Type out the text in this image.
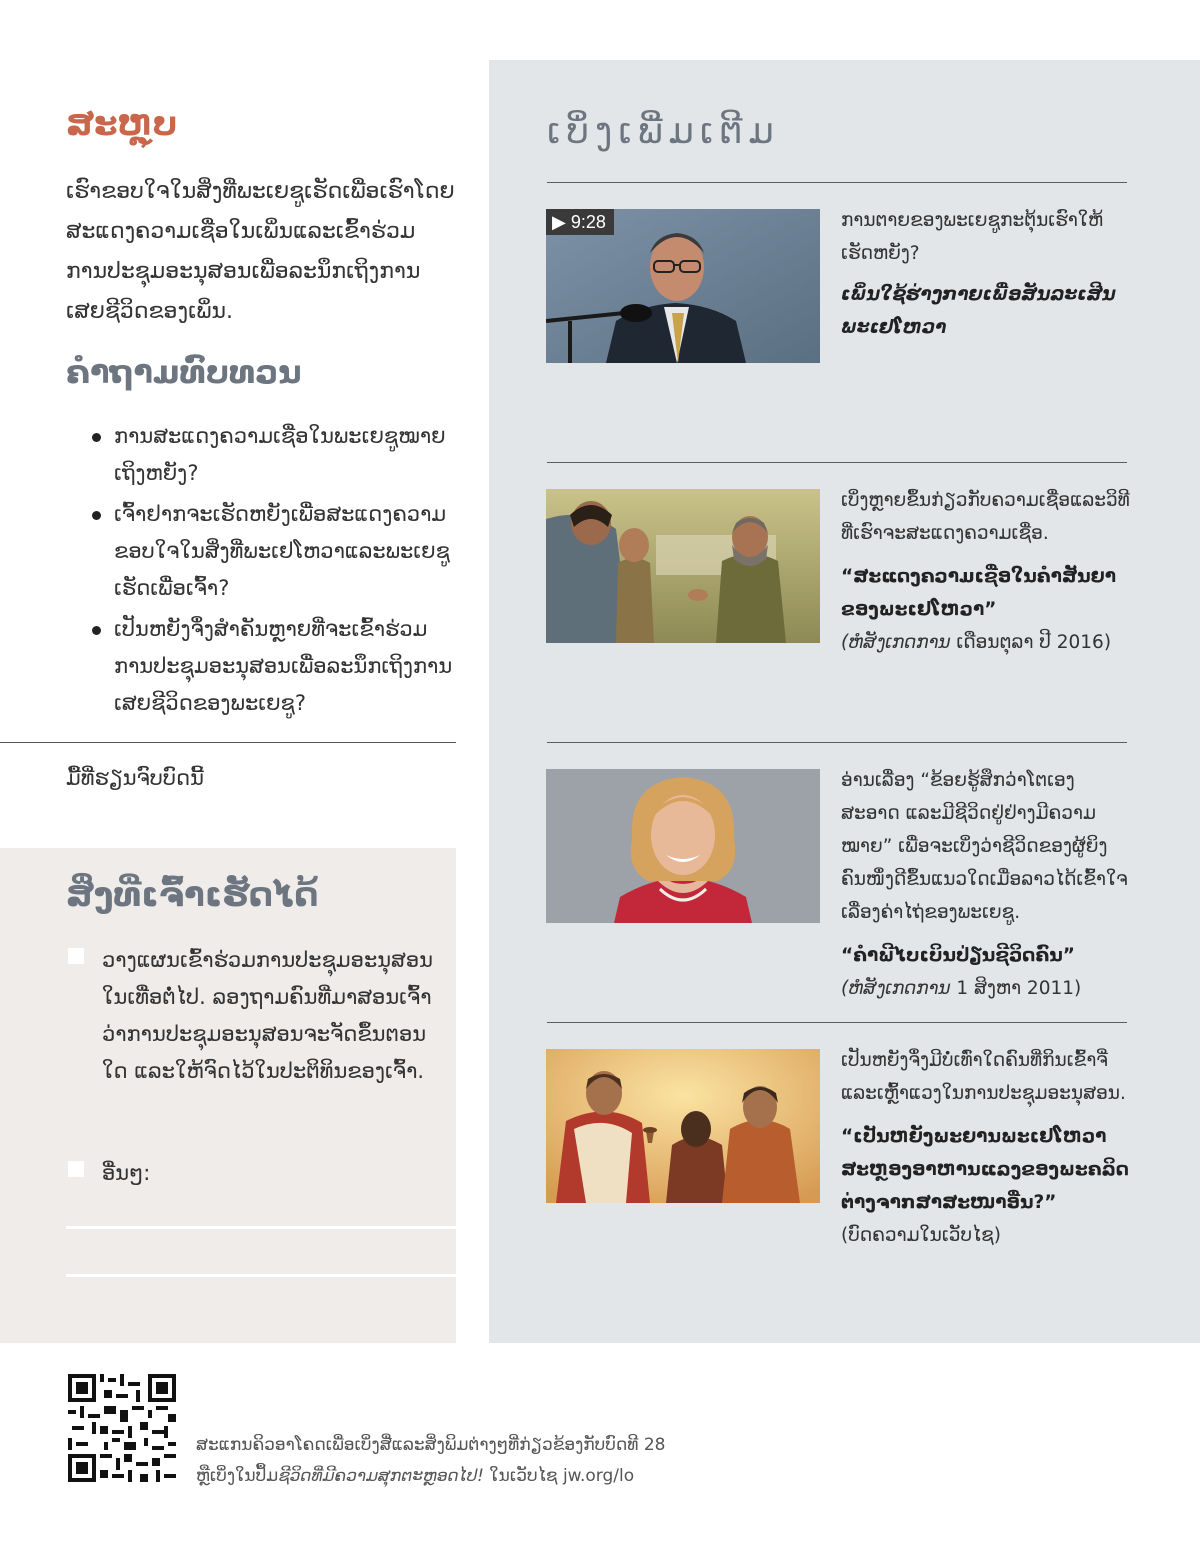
ສະຫຼຸບ

ເຮົາຂອບໃຈໃນສິ່ງທີ່ພະເຍຊູເຮັດເພື່ອເຮົາໂດຍສະແດງຄວາມເຊື່ອໃນເພິ່ນແລະເຂົ້າຮ່ວມການປະຊຸມອະນຸສອນເພື່ອລະນຶກເຖິງການເສຍຊີວິດຂອງເພິ່ນ.

ຄຳຖາມທົບທວນ
ການສະແດງຄວາມເຊື່ອໃນພະເຍຊູໝາຍເຖິງຫຍັງ?
ເຈົ້າຢາກຈະເຮັດຫຍັງເພື່ອສະແດງຄວາມຂອບໃຈໃນສິ່ງທີ່ພະເຢໂຫວາແລະພະເຍຊູເຮັດເພື່ອເຈົ້າ?
ເປັນຫຍັງຈຶ່ງສຳຄັນຫຼາຍທີ່ຈະເຂົ້າຮ່ວມການປະຊຸມອະນຸສອນເພື່ອລະນຶກເຖິງການເສຍຊີວິດຂອງພະເຍຊູ?
ມື້ທີ່ຮຽນຈົບບົດນີ້
ສິ່ງທີ່ເຈົ້າເຮັດໄດ້
ວາງແຜນເຂົ້າຮ່ວມການປະຊຸມອະນຸສອນໃນເທື່ອຕໍ່ໄປ. ລອງຖາມຄົນທີ່ມາສອນເຈົ້າວ່າການປະຊຸມອະນຸສອນຈະຈັດຂຶ້ນຕອນໃດ ແລະໃຫ້ຈົດໄວ້ໃນປະຕິທິນຂອງເຈົ້າ.
ອື່ນໆ:
ເບິ່ງເພີ່ມເຕີມ
▶ 9:28	ການຕາຍຂອງພະເຍຊູກະຕຸ້ນເຮົາໃຫ້ເຮັດຫຍັງ?
ເພິ່ນໃຊ້ຮ່າງກາຍເພື່ອສັນລະເສີນພະເຢໂຫວາ
ເບິ່ງຫຼາຍຂຶ້ນກ່ຽວກັບຄວາມເຊື່ອແລະວິທີທີ່ເຮົາຈະສະແດງຄວາມເຊື່ອ.
“ສະແດງຄວາມເຊື່ອໃນຄຳສັນຍາຂອງພະເຢໂຫວາ”
(ຫໍສັງເກດການ ເດືອນຕຸລາ ປີ 2016)
ອ່ານເລື່ອງ “ຂ້ອຍຮູ້ສຶກວ່າໂຕເອງສະອາດ ແລະມີຊີວິດຢູ່ຢ່າງມີຄວາມໝາຍ” ເພື່ອຈະເບິ່ງວ່າຊີວິດຂອງຜູ້ຍິງຄົນໜຶ່ງດີຂຶ້ນແນວໃດເມື່ອລາວໄດ້ເຂົ້າໃຈເລື່ອງຄ່າໄຖ່ຂອງພະເຍຊູ.
“ຄຳພີໄບເບິນປ່ຽນຊີວິດຄົນ”
(ຫໍສັງເກດການ 1 ສິງຫາ 2011)
ເປັນຫຍັງຈຶ່ງມີບໍ່ເທົ່າໃດຄົນທີ່ກິນເຂົ້າຈີ່ແລະເຫຼົ້າແວງໃນການປະຊຸມອະນຸສອນ.
“ເປັນຫຍັງພະຍານພະເຢໂຫວາສະຫຼອງອາຫານແລງຂອງພະຄລິດຕ່າງຈາກສາສະໜາອື່ນ?”
(ບົດຄວາມໃນເວັບໄຊ)
ສະແກນຄິວອາໂຄດເພື່ອເບິ່ງສື່ແລະສິ່ງພິມຕ່າງໆທີ່ກ່ຽວຂ້ອງກັບບົດທີ 28
ຫຼືເບິ່ງໃນປຶ້ມຊີວິດທີ່ມີຄວາມສຸກຕະຫຼອດໄປ! ໃນເວັບໄຊ jw.org/lo
